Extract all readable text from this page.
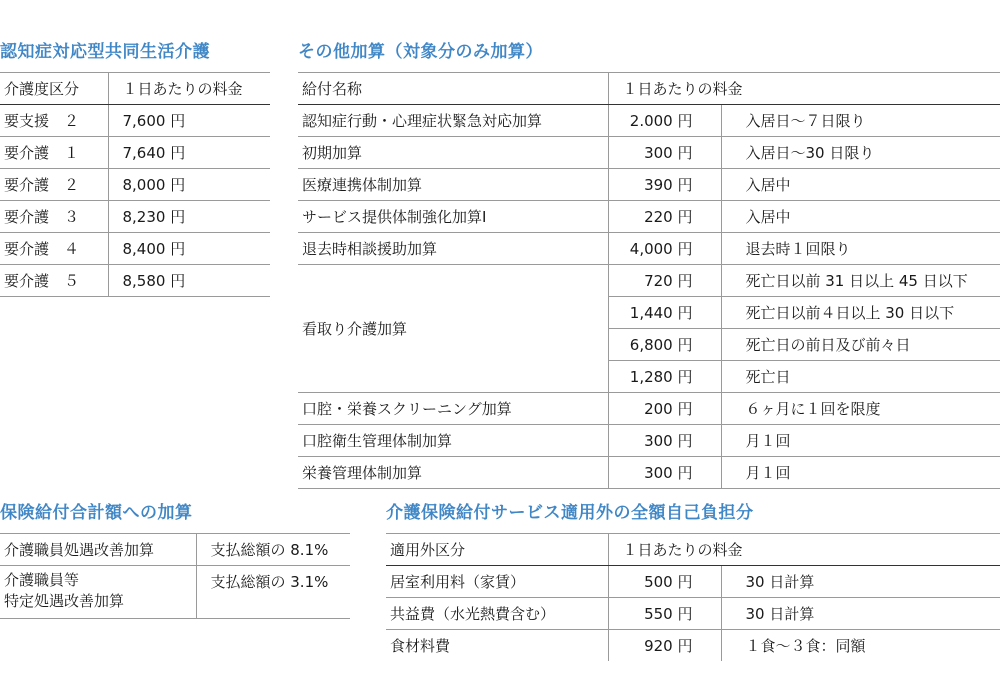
認知症対応型共同生活介護
介護度区分	１日あたりの料金
要支援　２	7,600 円
要介護　１	7,640 円
要介護　２	8,000 円
要介護　３	8,230 円
要介護　４	8,400 円
要介護　５	8,580 円
その他加算（対象分のみ加算）
給付名称	１日あたりの料金	
認知症行動・心理症状緊急対応加算	2.000 円	入居日〜７日限り
初期加算	300 円	入居日〜30 日限り
医療連携体制加算	390 円	入居中
サービス提供体制強化加算Ⅰ	220 円	入居中
退去時相談援助加算	4,000 円	退去時１回限り
看取り介護加算	720 円	死亡日以前 31 日以上 45 日以下
	1,440 円	死亡日以前４日以上 30 日以下
	6,800 円	死亡日の前日及び前々日
	1,280 円	死亡日
口腔・栄養スクリーニング加算	200 円	６ヶ月に１回を限度
口腔衛生管理体制加算	300 円	月１回
栄養管理体制加算	300 円	月１回
保険給付合計額への加算
介護職員処遇改善加算	支払総額の 8.1%
介護職員等
特定処遇改善加算	支払総額の 3.1%
介護保険給付サービス適用外の全額自己負担分
適用外区分	１日あたりの料金	
居室利用料（家賃）	500 円	30 日計算
共益費（水光熱費含む）	550 円	30 日計算
食材料費	920 円	１食〜３食：同額
